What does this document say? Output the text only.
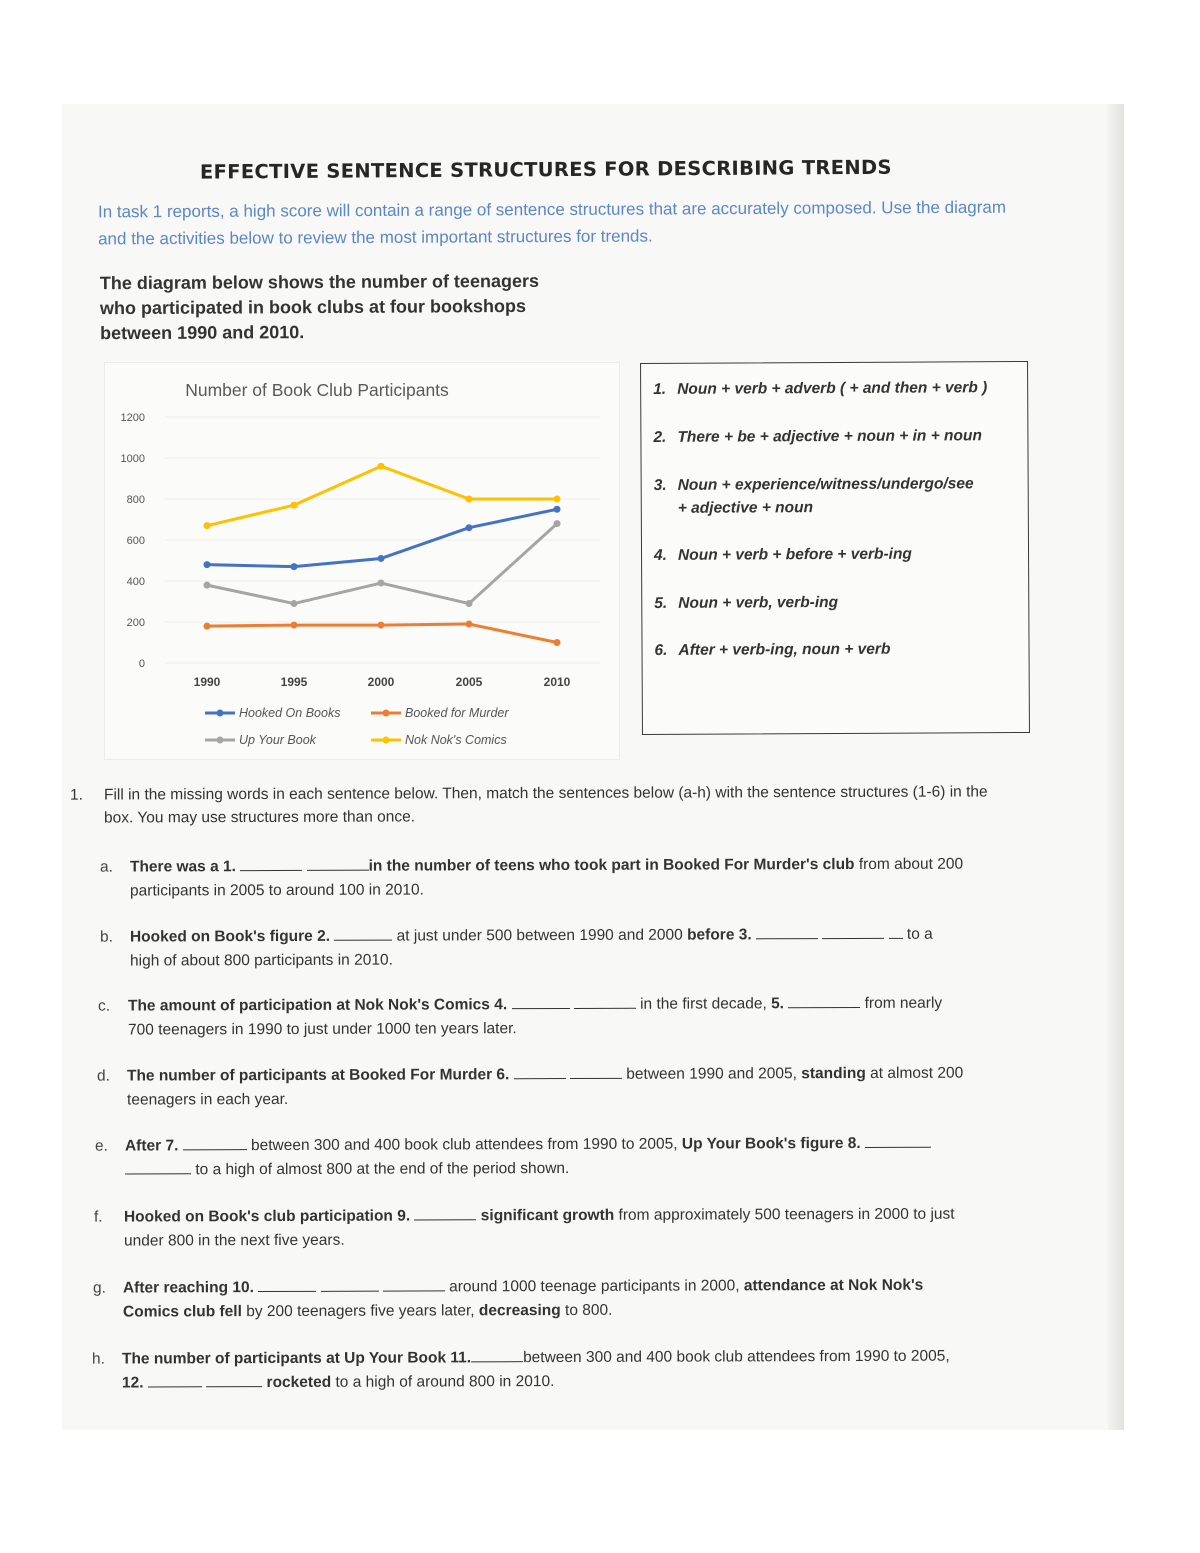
EFFECTIVE SENTENCE STRUCTURES FOR DESCRIBING TRENDS
In task 1 reports, a high score will contain a range of sentence structures that are accurately composed. Use the diagram and the activities below to review the most important structures for trends.
The diagram below shows the number of teenagers
who participated in book clubs at four bookshops
between 1990 and 2010.
Number of Book Club Participants
0
200
400
600
800
1000
1200
1990	1995	2000	2005	2010
Hooked On Books	Booked for Murder
Up Your Book	Nok Nok's Comics
1. Noun + verb + adverb ( + and then + verb )
2. There + be + adjective + noun + in + noun
3. Noun + experience/witness/undergo/see
+ adjective + noun
4. Noun + verb + before + verb-ing
5. Noun + verb, verb-ing
6. After + verb-ing, noun + verb
1. Fill in the missing words in each sentence below. Then, match the sentences below (a-h) with the sentence structures (1-6) in the box. You may use structures more than once.
a. There was a 1.	in the number of teens who took part in Booked For Murder's club from about 200
participants in 2005 to around 100 in 2010.
b. Hooked on Book's figure 2.	at just under 500 between 1990 and 2000 before 3.	to a
high of about 800 participants in 2010.
c. The amount of participation at Nok Nok's Comics 4.	in the first decade, 5.	from nearly
700 teenagers in 1990 to just under 1000 ten years later.
d. The number of participants at Booked For Murder 6.	between 1990 and 2005, standing at almost 200
teenagers in each year.
e. After 7.	between 300 and 400 book club attendees from 1990 to 2005, Up Your Book's figure 8.
to a high of almost 800 at the end of the period shown.
f. Hooked on Book's club participation 9.	significant growth from approximately 500 teenagers in 2000 to just
under 800 in the next five years.
g. After reaching 10.	around 1000 teenage participants in 2000, attendance at Nok Nok's
Comics club fell by 200 teenagers five years later, decreasing to 800.
h. The number of participants at Up Your Book 11.	between 300 and 400 book club attendees from 1990 to 2005,
12.	rocketed to a high of around 800 in 2010.
